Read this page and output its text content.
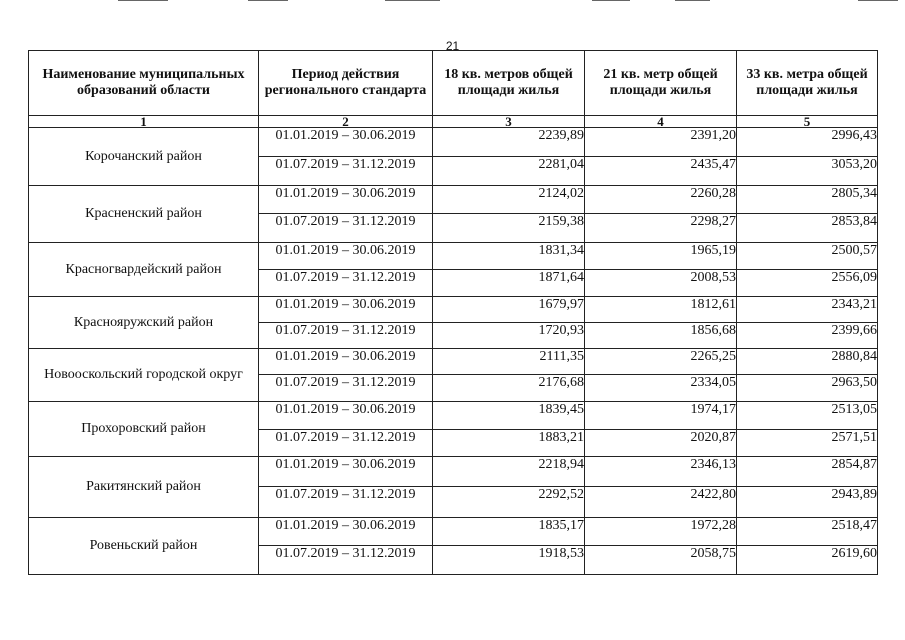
21
Наименование муниципальных образований области	Период действия регионального стандарта	18 кв. метров общей площади жилья	21 кв. метр общей площади жилья	33 кв. метра общей площади жилья
1	2	3	4	5
Корочанский район	01.01.2019 – 30.06.2019	2239,89	2391,20	2996,43
	01.07.2019 – 31.12.2019	2281,04	2435,47	3053,20
Красненский район	01.01.2019 – 30.06.2019	2124,02	2260,28	2805,34
	01.07.2019 – 31.12.2019	2159,38	2298,27	2853,84
Красногвардейский район	01.01.2019 – 30.06.2019	1831,34	1965,19	2500,57
	01.07.2019 – 31.12.2019	1871,64	2008,53	2556,09
Краснояружский район	01.01.2019 – 30.06.2019	1679,97	1812,61	2343,21
	01.07.2019 – 31.12.2019	1720,93	1856,68	2399,66
Новооскольский городской округ	01.01.2019 – 30.06.2019	2111,35	2265,25	2880,84
	01.07.2019 – 31.12.2019	2176,68	2334,05	2963,50
Прохоровский район	01.01.2019 – 30.06.2019	1839,45	1974,17	2513,05
	01.07.2019 – 31.12.2019	1883,21	2020,87	2571,51
Ракитянский район	01.01.2019 – 30.06.2019	2218,94	2346,13	2854,87
	01.07.2019 – 31.12.2019	2292,52	2422,80	2943,89
Ровеньский район	01.01.2019 – 30.06.2019	1835,17	1972,28	2518,47
	01.07.2019 – 31.12.2019	1918,53	2058,75	2619,60
